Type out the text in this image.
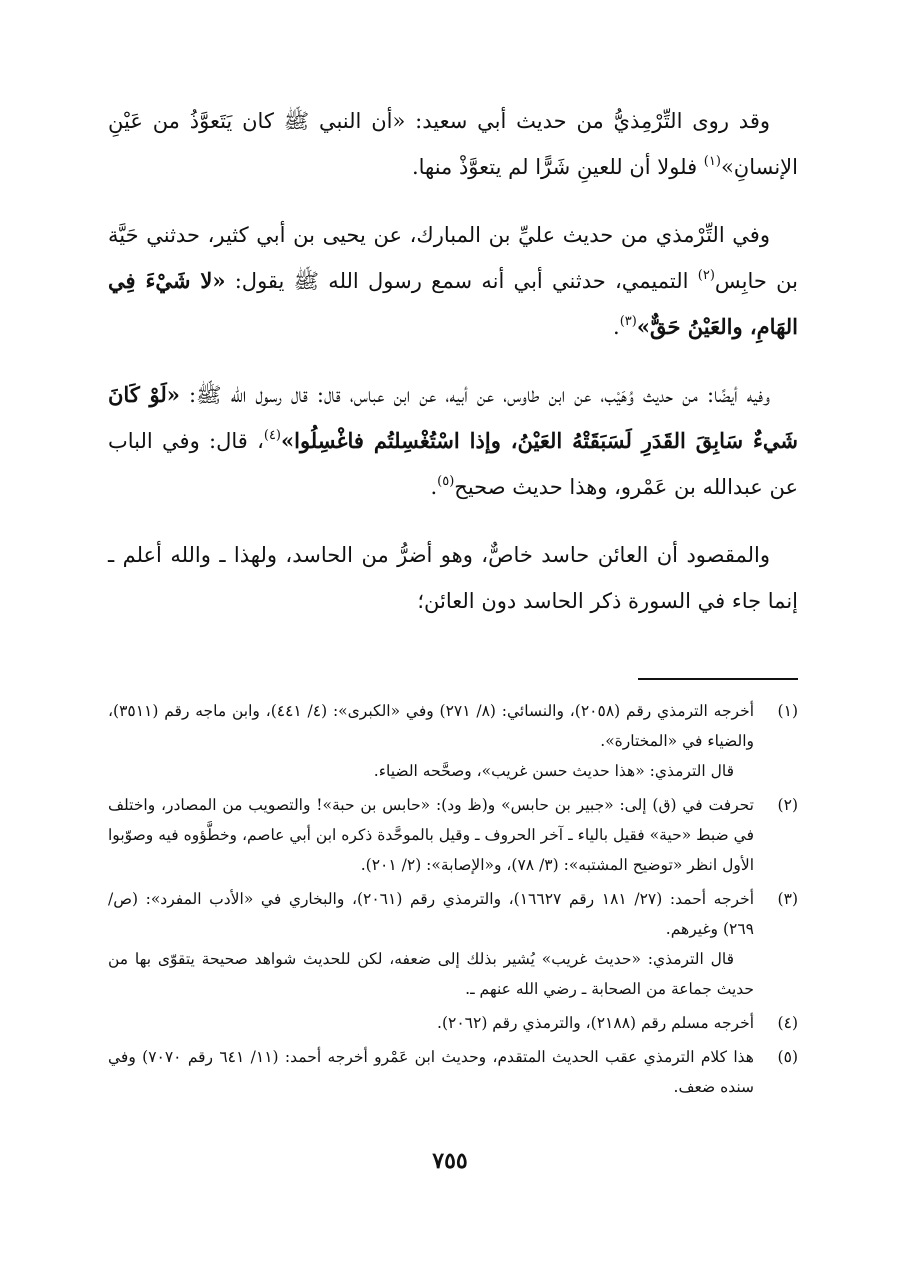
وقد روى التِّرْمِذيُّ من حديث أبي سعيد: «أن النبي ﷺ كان يَتَعوَّذُ من عَيْنِ الإنسانِ»$^{(١)}$ فلولا أن للعينِ شَرًّا لم يتعوَّذْ منها.

وفي التِّرْمذي من حديث عليِّ بن المبارك، عن يحيى بن أبي كثير، حدثني حَيَّة بن حابِس$^{(٢)}$ التميمي، حدثني أبي أنه سمع رسول الله ﷺ يقول: «لا شَيْءَ فِي الهَامِ، والعَيْنُ حَقٌّ»$^{(٣)}$.

وفيه أيضًا: من حديث وُهَيْب، عن ابن طاوس، عن أبيه، عن ابن عباس، قال: قال رسول الله ﷺ: «لَوْ كَانَ شَيءٌ سَابِقَ القَدَرِ لَسَبَقَتْهُ العَيْنُ، وإذا اسْتُغْسِلتُم فاغْسِلُوا»$^{(٤)}$، قال: وفي الباب عن عبدالله بن عَمْرو، وهذا حديث صحيح$^{(٥)}$.

والمقصود أن العائن حاسد خاصٌّ، وهو أضرُّ من الحاسد، ولهذا ـ والله أعلم ـ إنما جاء في السورة ذكر الحاسد دون العائن؛

(١)
أخرجه الترمذي رقم (٢٠٥٨)، والنسائي: (٨/ ٢٧١) وفي «الكبرى»: (٤/ ٤٤١)، وابن ماجه رقم (٣٥١١)، والضياء في «المختارة».
قال الترمذي: «هذا حديث حسن غريب»، وصحَّحه الضياء.
(٢)
تحرفت في (ق) إلى: «جبير بن حابس» و(ظ ود): «حابس بن حبة»! والتصويب من المصادر، واختلف في ضبط «حية» فقيل بالياء ـ آخر الحروف ـ وقيل بالموحَّدة ذكره ابن أبي عاصم، وخطَّؤوه فيه وصوّبوا الأول انظر «توضيح المشتبه»: (٣/ ٧٨)، و«الإصابة»: (٢/ ٢٠١).
(٣)
أخرجه أحمد: (٢٧/ ١٨١ رقم ١٦٦٢٧)، والترمذي رقم (٢٠٦١)، والبخاري في «الأدب المفرد»: (ص/ ٢٦٩) وغيرهم.
قال الترمذي: «حديث غريب» يُشير بذلك إلى ضعفه، لكن للحديث شواهد صحيحة يتقوّى بها من حديث جماعة من الصحابة ـ رضي الله عنهم ـ.
(٤)
أخرجه مسلم رقم (٢١٨٨)، والترمذي رقم (٢٠٦٢).
(٥)
هذا كلام الترمذي عقب الحديث المتقدم، وحديث ابن عَمْرو أخرجه أحمد: (١١/ ٦٤١ رقم ٧٠٧٠) وفي سنده ضعف.
٧٥٥
